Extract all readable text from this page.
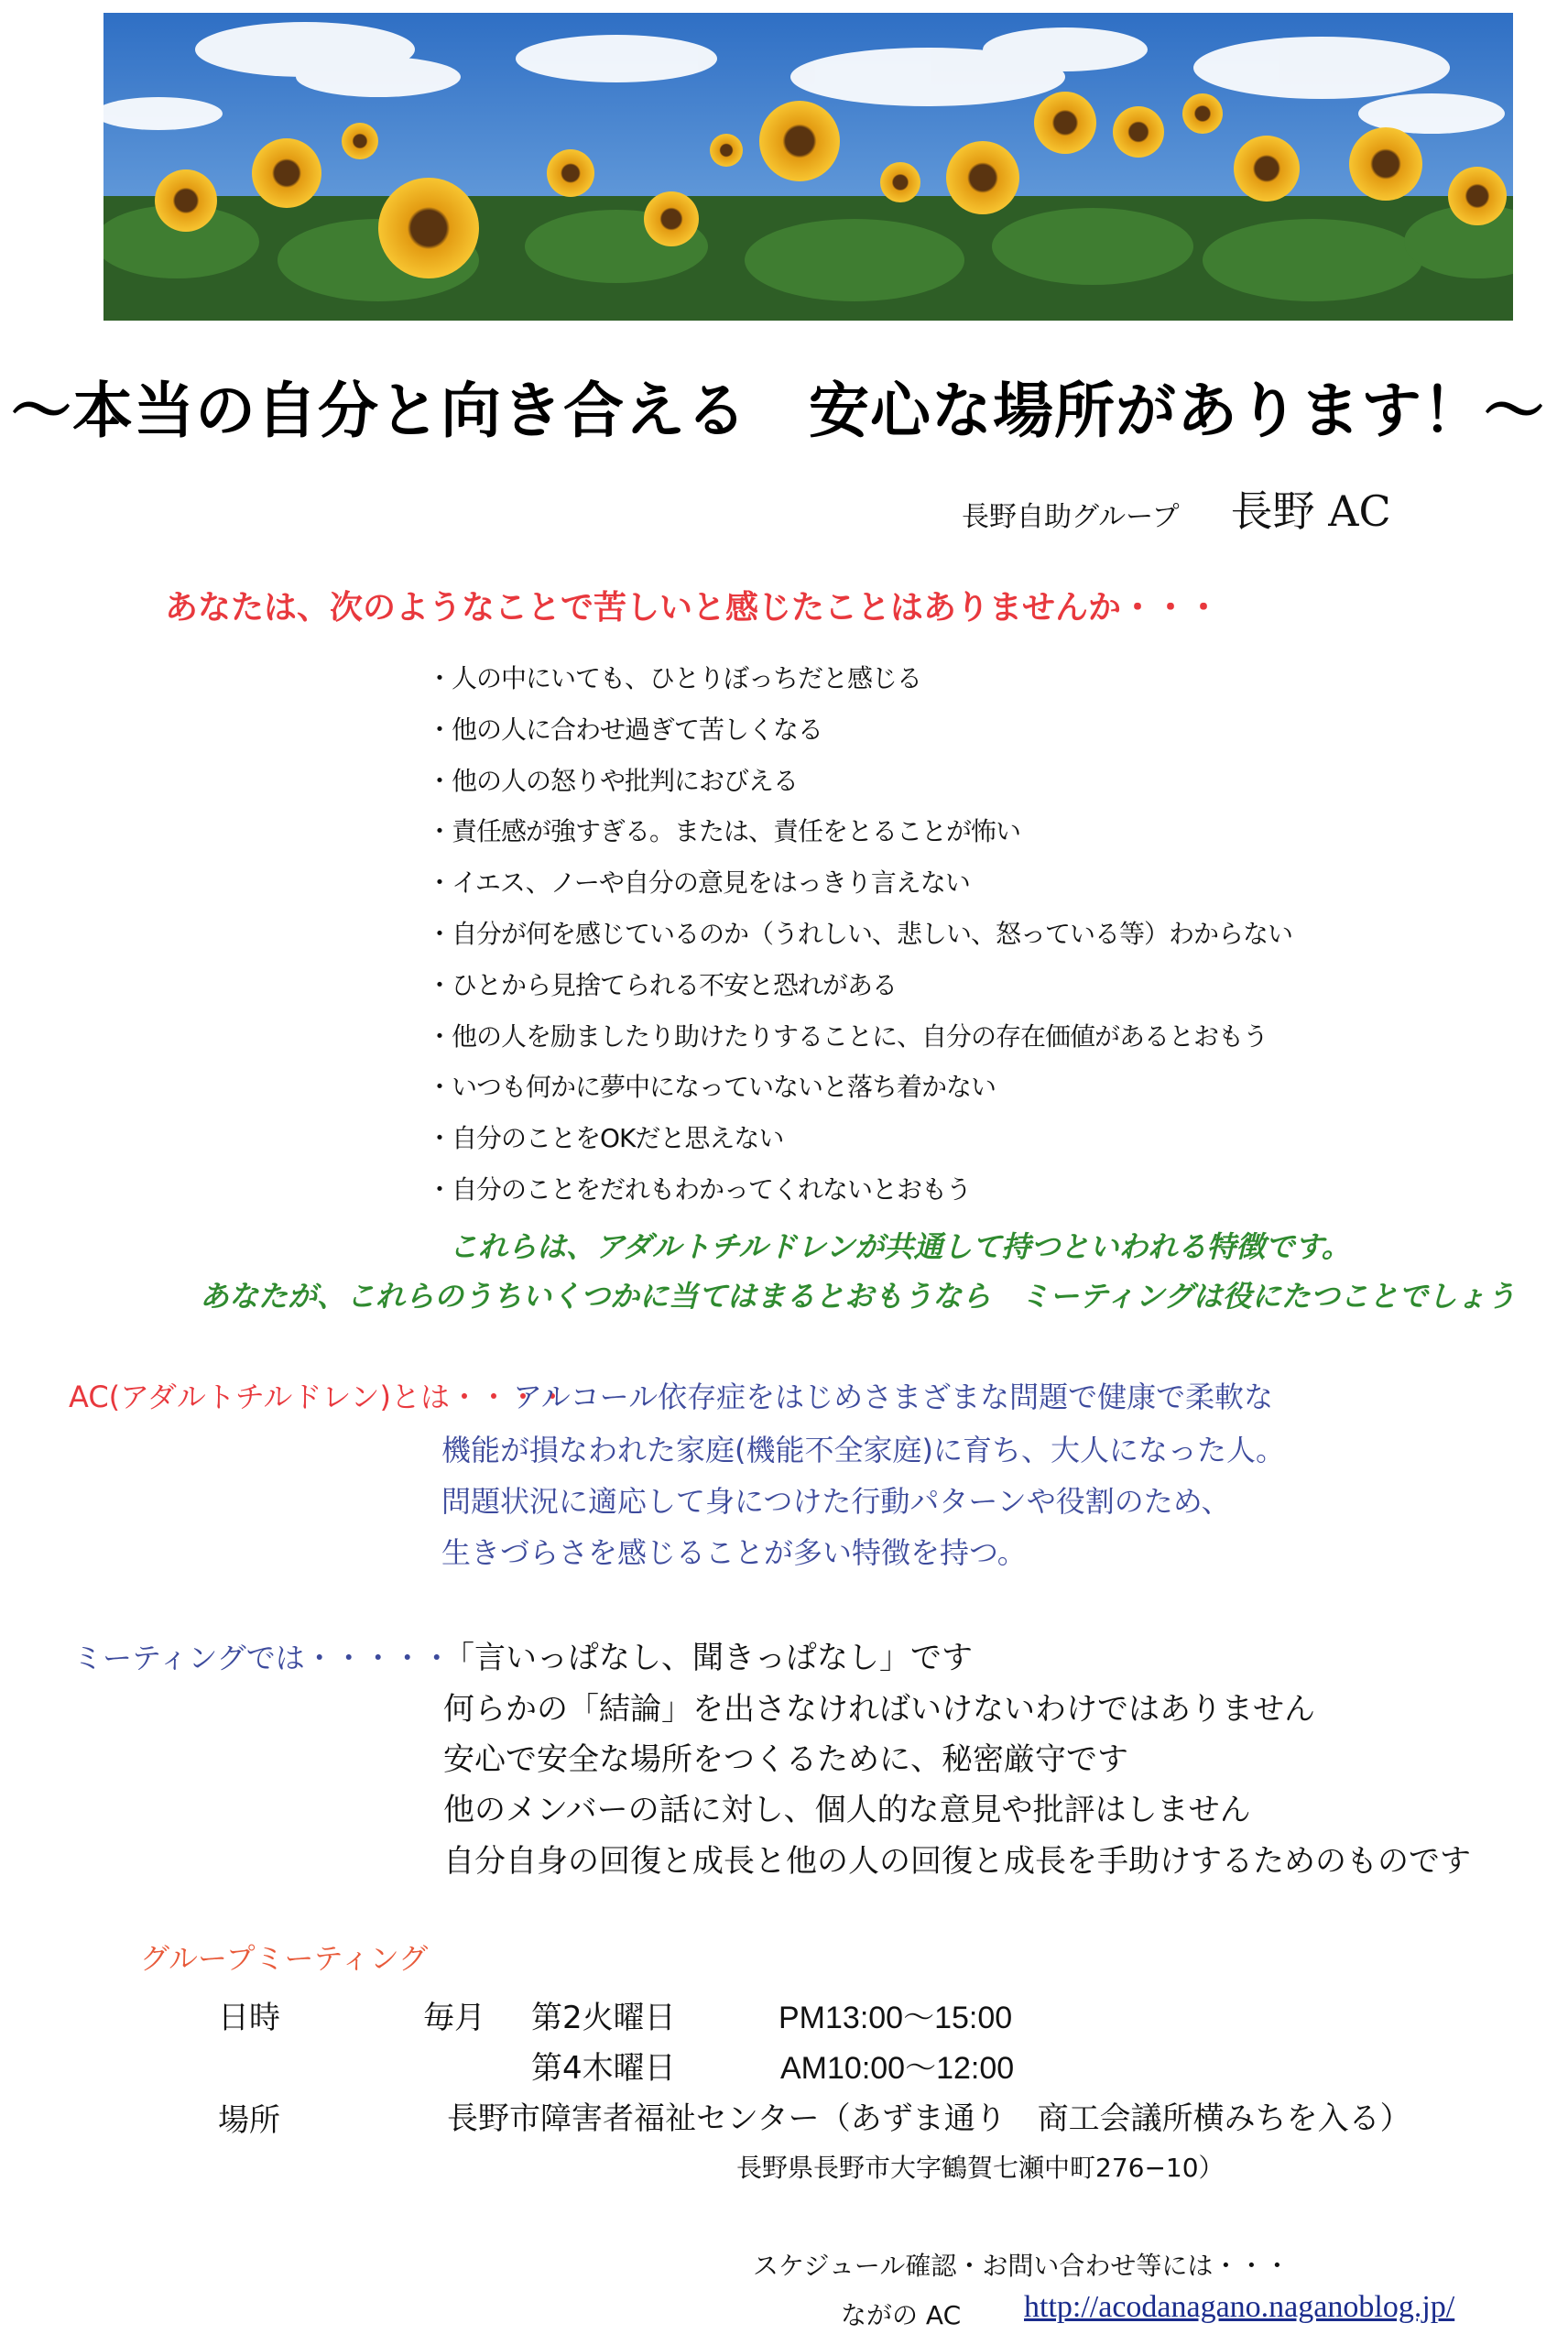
～本当の自分と向き合える　安心な場所があります！～
長野自助グループ 長野 AC
あなたは、次のようなことで苦しいと感じたことはありませんか・・・
・ 人の中にいても、ひとりぼっちだと感じる
・ 他の人に合わせ過ぎて苦しくなる
・ 他の人の怒りや批判におびえる
・ 責任感が強すぎる。または、責任をとることが怖い
・ イエス、ノーや自分の意見をはっきり言えない
・ 自分が何を感じているのか（うれしい、悲しい、怒っている等）わからない
・ ひとから見捨てられる不安と恐れがある
・ 他の人を励ましたり助けたりすることに、自分の存在価値があるとおもう
・ いつも何かに夢中になっていないと落ち着かない
・ 自分のことをOKだと思えない
・ 自分のことをだれもわかってくれないとおもう
これらは、アダルトチルドレンが共通して持つといわれる特徴です。
あなたが、これらのうちいくつかに当てはまるとおもうなら　ミーティングは役にたつことでしょう
AC(アダルトチルドレン)とは・・・・
アルコール依存症をはじめさまざまな問題で健康で柔軟な
機能が損なわれた家庭(機能不全家庭)に育ち、大人になった人。
問題状況に適応して身につけた行動パターンや役割のため、
生きづらさを感じることが多い特徴を持つ。
ミーティングでは・・・・・
「言いっぱなし、聞きっぱなし」です
何らかの「結論」を出さなければいけないわけではありません
安心で安全な場所をつくるために、秘密厳守です
他のメンバーの話に対し、個人的な意見や批評はしません
自分自身の回復と成長と他の人の回復と成長を手助けするためのものです
グループミーティング
日時	毎月 第2火曜日	PM13:00～15:00
第4木曜日	AM10:00～12:00
場所	長野市障害者福祉センター（あずま通り　商工会議所横みちを入る）
長野県長野市大字鶴賀七瀬中町276−10）
スケジュール確認・お問い合わせ等には・・・
ながの AC http://acodanagano.naganoblog.jp/
